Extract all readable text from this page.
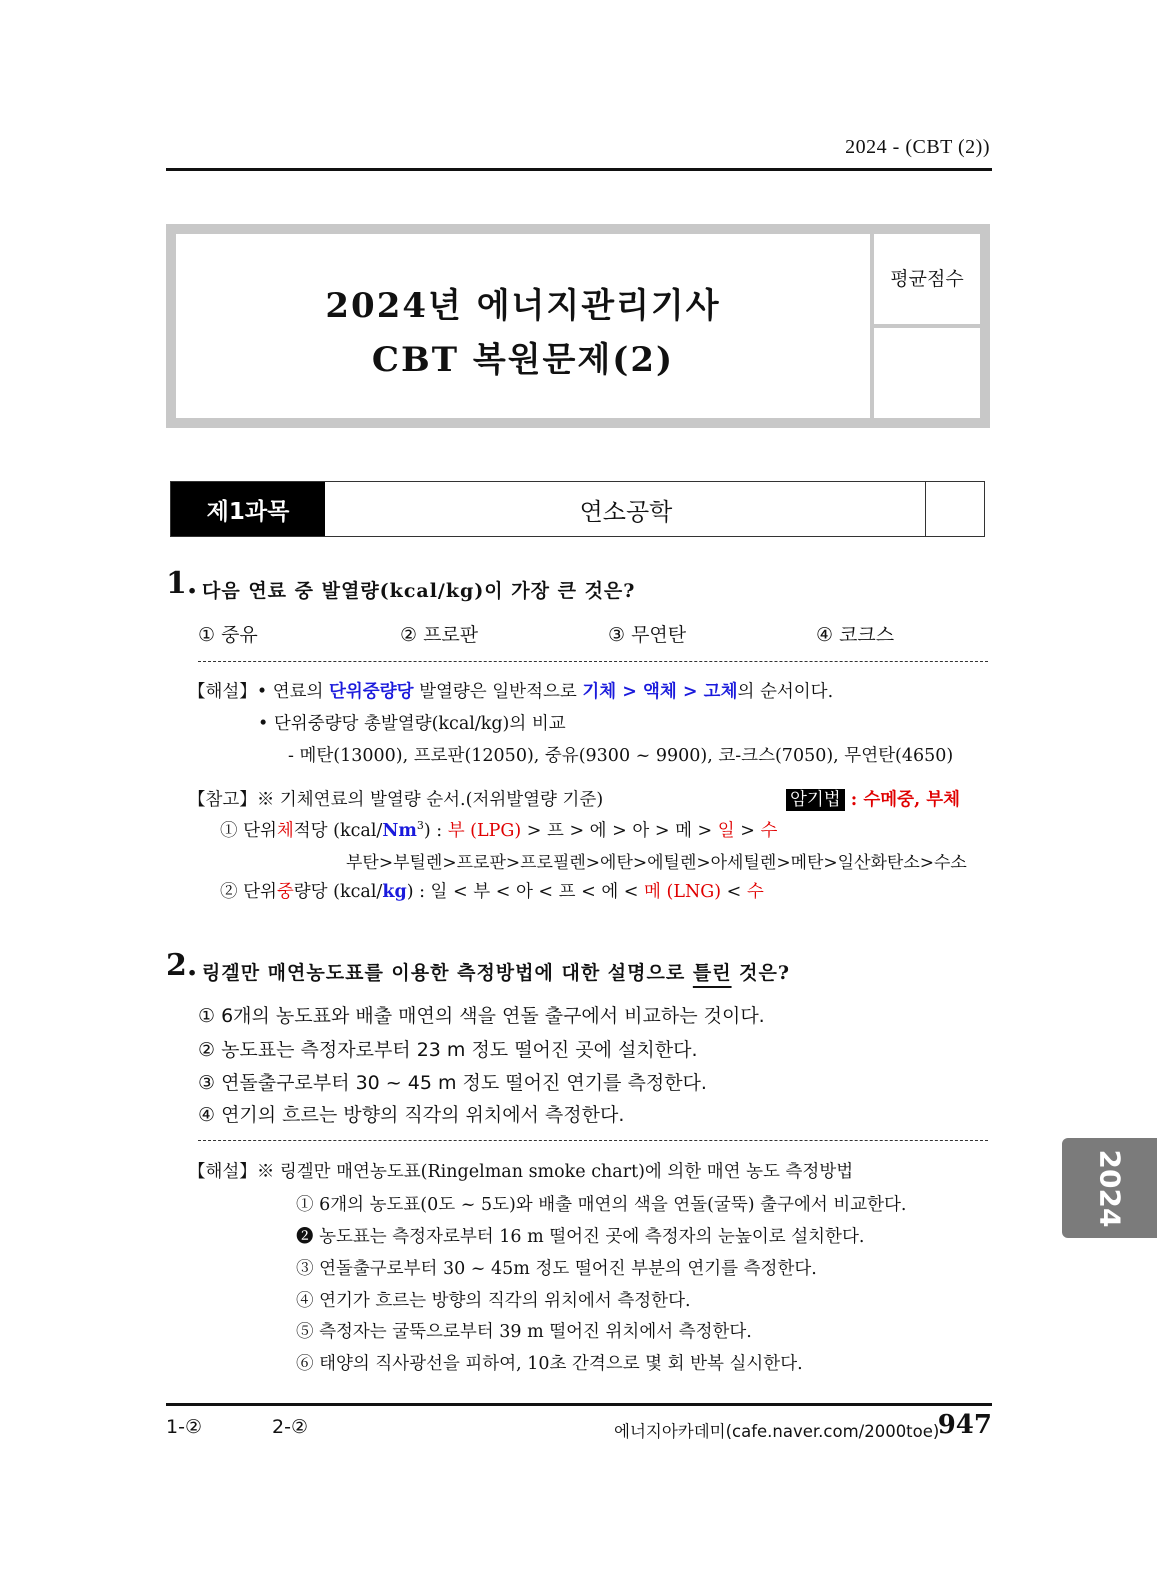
2024 - (CBT (2))
2024년 에너지관리기사
CBT 복원문제(2)
평균점수
제1과목	연소공학
1. 다음 연료 중 발열량(kcal/kg)이 가장 큰 것은?
① 중유	② 프로판	③ 무연탄	④ 코크스
【해설】• 연료의 단위중량당 발열량은 일반적으로 기체 > 액체 > 고체의 순서이다.
• 단위중량당 총발열량(kcal/kg)의 비교
- 메탄(13000), 프로판(12050), 중유(9300 ~ 9900), 코-크스(7050), 무연탄(4650)
【참고】※ 기체연료의 발열량 순서.(저위발열량 기준)	암기법 : 수메중, 부체
① 단위체적당 (kcal/Nm$^3$) : 부 (LPG) > 프 > 에 > 아 > 메 > 일 > 수
부탄>부틸렌>프로판>프로필렌>에탄>에틸렌>아세틸렌>메탄>일산화탄소>수소
② 단위중량당 (kcal/kg) : 일 < 부 < 아 < 프 < 에 < 메 (LNG) < 수
2. 링겔만 매연농도표를 이용한 측정방법에 대한 설명으로 틀린 것은?
① 6개의 농도표와 배출 매연의 색을 연돌 출구에서 비교하는 것이다.
② 농도표는 측정자로부터 23 m 정도 떨어진 곳에 설치한다.
③ 연돌출구로부터 30 ~ 45 m 정도 떨어진 연기를 측정한다.
④ 연기의 흐르는 방향의 직각의 위치에서 측정한다.
【해설】※ 링겔만 매연농도표(Ringelman smoke chart)에 의한 매연 농도 측정방법
① 6개의 농도표(0도 ~ 5도)와 배출 매연의 색을 연돌(굴뚝) 출구에서 비교한다.
❷ 농도표는 측정자로부터 16 m 떨어진 곳에 측정자의 눈높이로 설치한다.
③ 연돌출구로부터 30 ~ 45m 정도 떨어진 부분의 연기를 측정한다.
④ 연기가 흐르는 방향의 직각의 위치에서 측정한다.
⑤ 측정자는 굴뚝으로부터 39 m 떨어진 위치에서 측정한다.
⑥ 태양의 직사광선을 피하여, 10초 간격으로 몇 회 반복 실시한다.
2024
1-②	2-②	에너지아카데미(cafe.naver.com/2000toe)
947
